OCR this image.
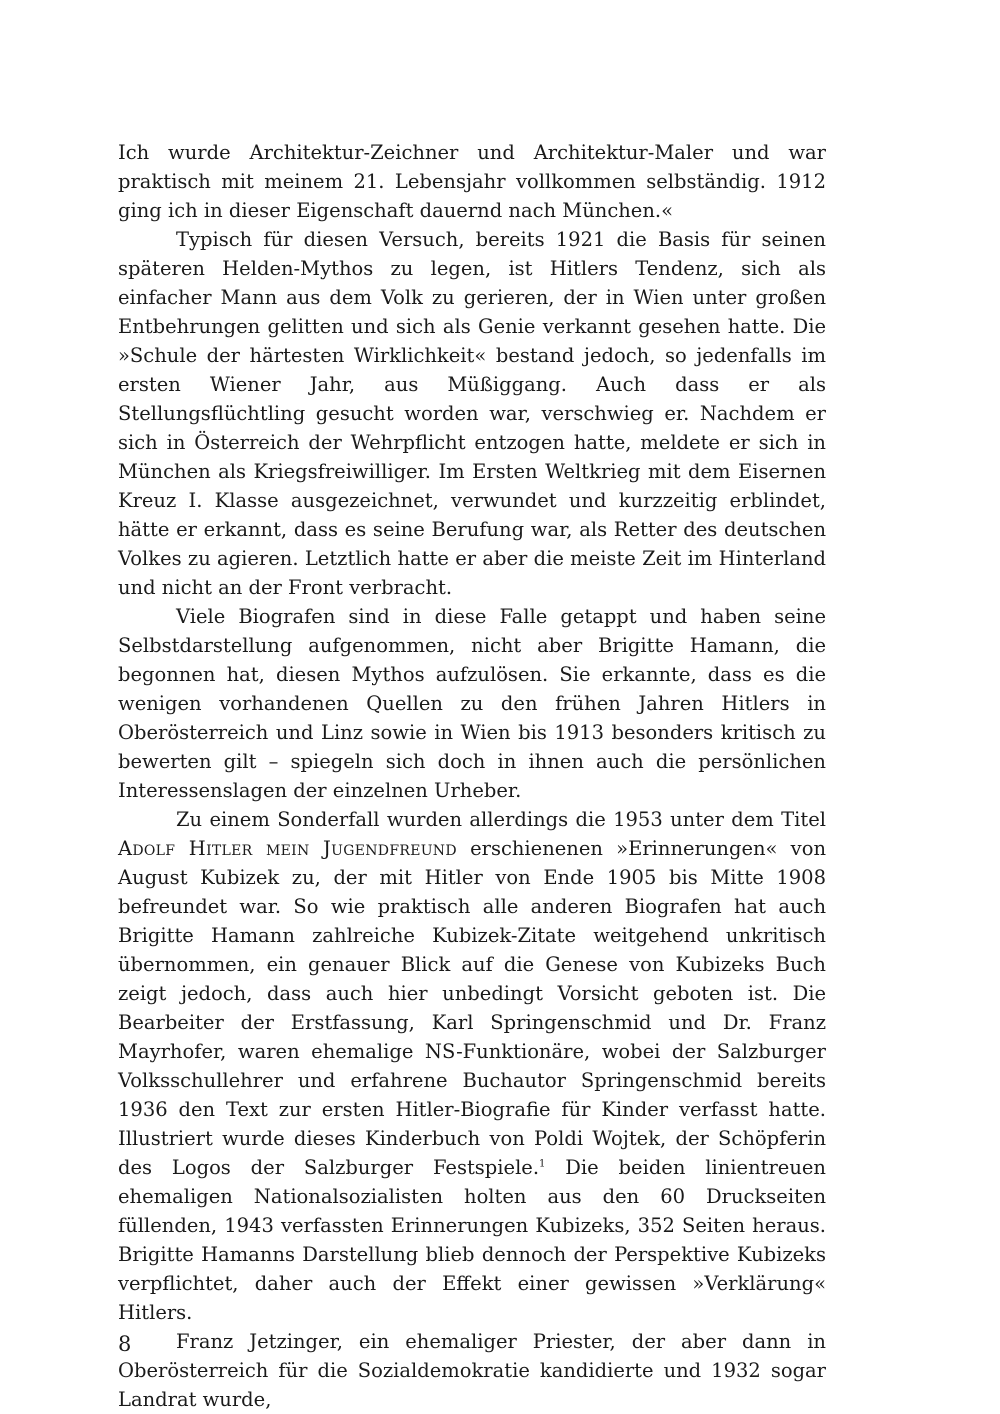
Ich wurde Architektur-Zeichner und Architektur-Maler und war praktisch mit meinem 21. Lebensjahr vollkommen selbständig. 1912 ging ich in dieser Eigenschaft dauernd nach München.«

Typisch für diesen Versuch, bereits 1921 die Basis für seinen späteren Helden-Mythos zu legen, ist Hitlers Tendenz, sich als einfacher Mann aus dem Volk zu gerieren, der in Wien unter großen Entbehrungen gelitten und sich als Genie verkannt gesehen hatte. Die »Schule der härtesten Wirklichkeit« bestand jedoch, so jedenfalls im ersten Wiener Jahr, aus Müßiggang. Auch dass er als Stellungsflüchtling gesucht worden war, verschwieg er. Nachdem er sich in Österreich der Wehrpflicht entzogen hatte, meldete er sich in München als Kriegsfreiwilliger. Im Ersten Weltkrieg mit dem Eisernen Kreuz I. Klasse ausgezeichnet, verwundet und kurzzeitig erblindet, hätte er erkannt, dass es seine Berufung war, als Retter des deutschen Volkes zu agieren. Letztlich hatte er aber die meiste Zeit im Hinterland und nicht an der Front verbracht.

Viele Biografen sind in diese Falle getappt und haben seine Selbstdarstellung aufgenommen, nicht aber Brigitte Hamann, die begonnen hat, diesen Mythos aufzulösen. Sie erkannte, dass es die wenigen vorhandenen Quellen zu den frühen Jahren Hitlers in Oberösterreich und Linz sowie in Wien bis 1913 besonders kritisch zu bewerten gilt – spiegeln sich doch in ihnen auch die persönlichen Interessenslagen der einzelnen Urheber.

Zu einem Sonderfall wurden allerdings die 1953 unter dem Titel Adolf Hitler mein Jugendfreund erschienenen »Erinnerungen« von August Kubizek zu, der mit Hitler von Ende 1905 bis Mitte 1908 befreundet war. So wie praktisch alle anderen Biografen hat auch Brigitte Hamann zahlreiche Kubizek-Zitate weitgehend unkritisch übernommen, ein genauer Blick auf die Genese von Kubizeks Buch zeigt jedoch, dass auch hier unbedingt Vorsicht geboten ist. Die Bearbeiter der Erstfassung, Karl Springenschmid und Dr. Franz Mayrhofer, waren ehemalige NS-Funktionäre, wobei der Salzburger Volksschullehrer und erfahrene Buchautor Springenschmid bereits 1936 den Text zur ersten Hitler-Biografie für Kinder verfasst hatte. Illustriert wurde dieses Kinderbuch von Poldi Wojtek, der Schöpferin des Logos der Salzburger Festspiele.$^1$ Die beiden linientreuen ehemaligen Nationalsozialisten holten aus den 60 Druckseiten füllenden, 1943 verfassten Erinnerungen Kubizeks, 352 Seiten heraus. Brigitte Hamanns Darstellung blieb dennoch der Perspektive Kubizeks verpflichtet, daher auch der Effekt einer gewissen »Verklärung« Hitlers.

Franz Jetzinger, ein ehemaliger Priester, der aber dann in Oberösterreich für die Sozialdemokratie kandidierte und 1932 sogar Landrat wurde,

8
